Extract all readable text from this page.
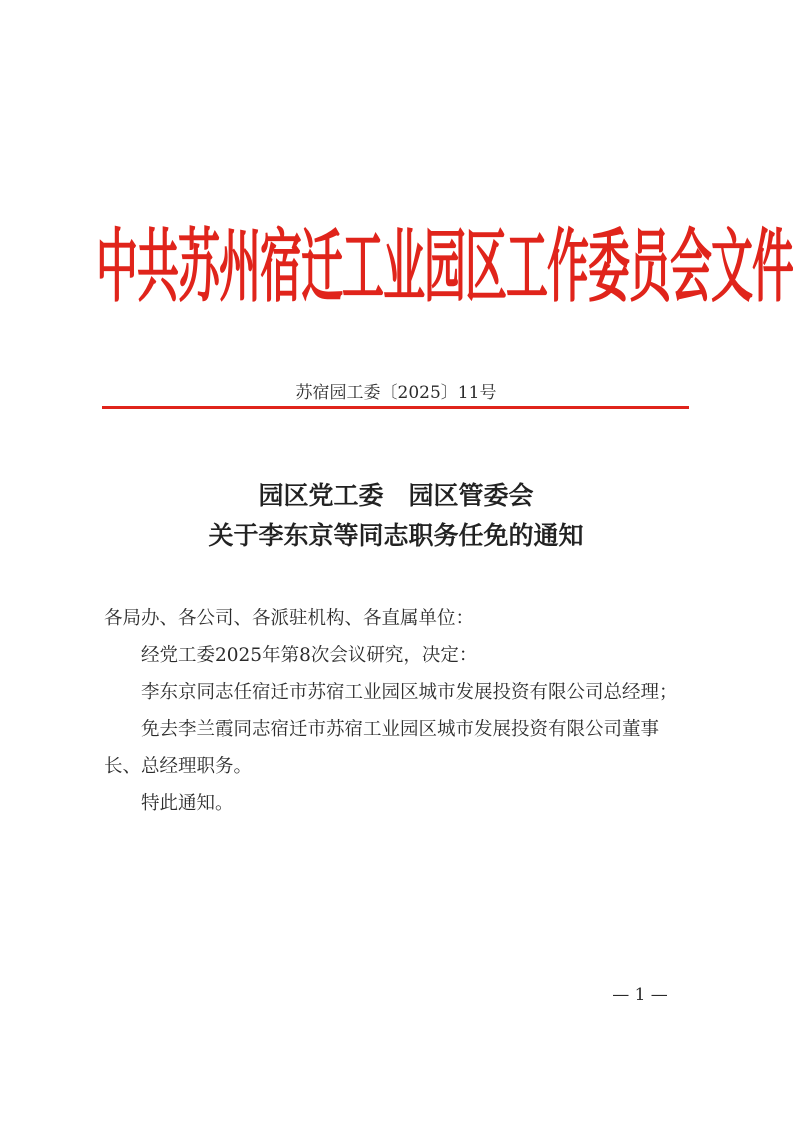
中共苏州宿迁工业园区工作委员会文件
苏宿园工委〔2025〕11号
园区党工委　园区管委会
关于李东京等同志职务任免的通知

各局办、各公司、各派驻机构、各直属单位：

经党工委2025年第8次会议研究，决定：

李东京同志任宿迁市苏宿工业园区城市发展投资有限公司总经理；

免去李兰霞同志宿迁市苏宿工业园区城市发展投资有限公司董事长、总经理职务。

特此通知。

— 1 —
